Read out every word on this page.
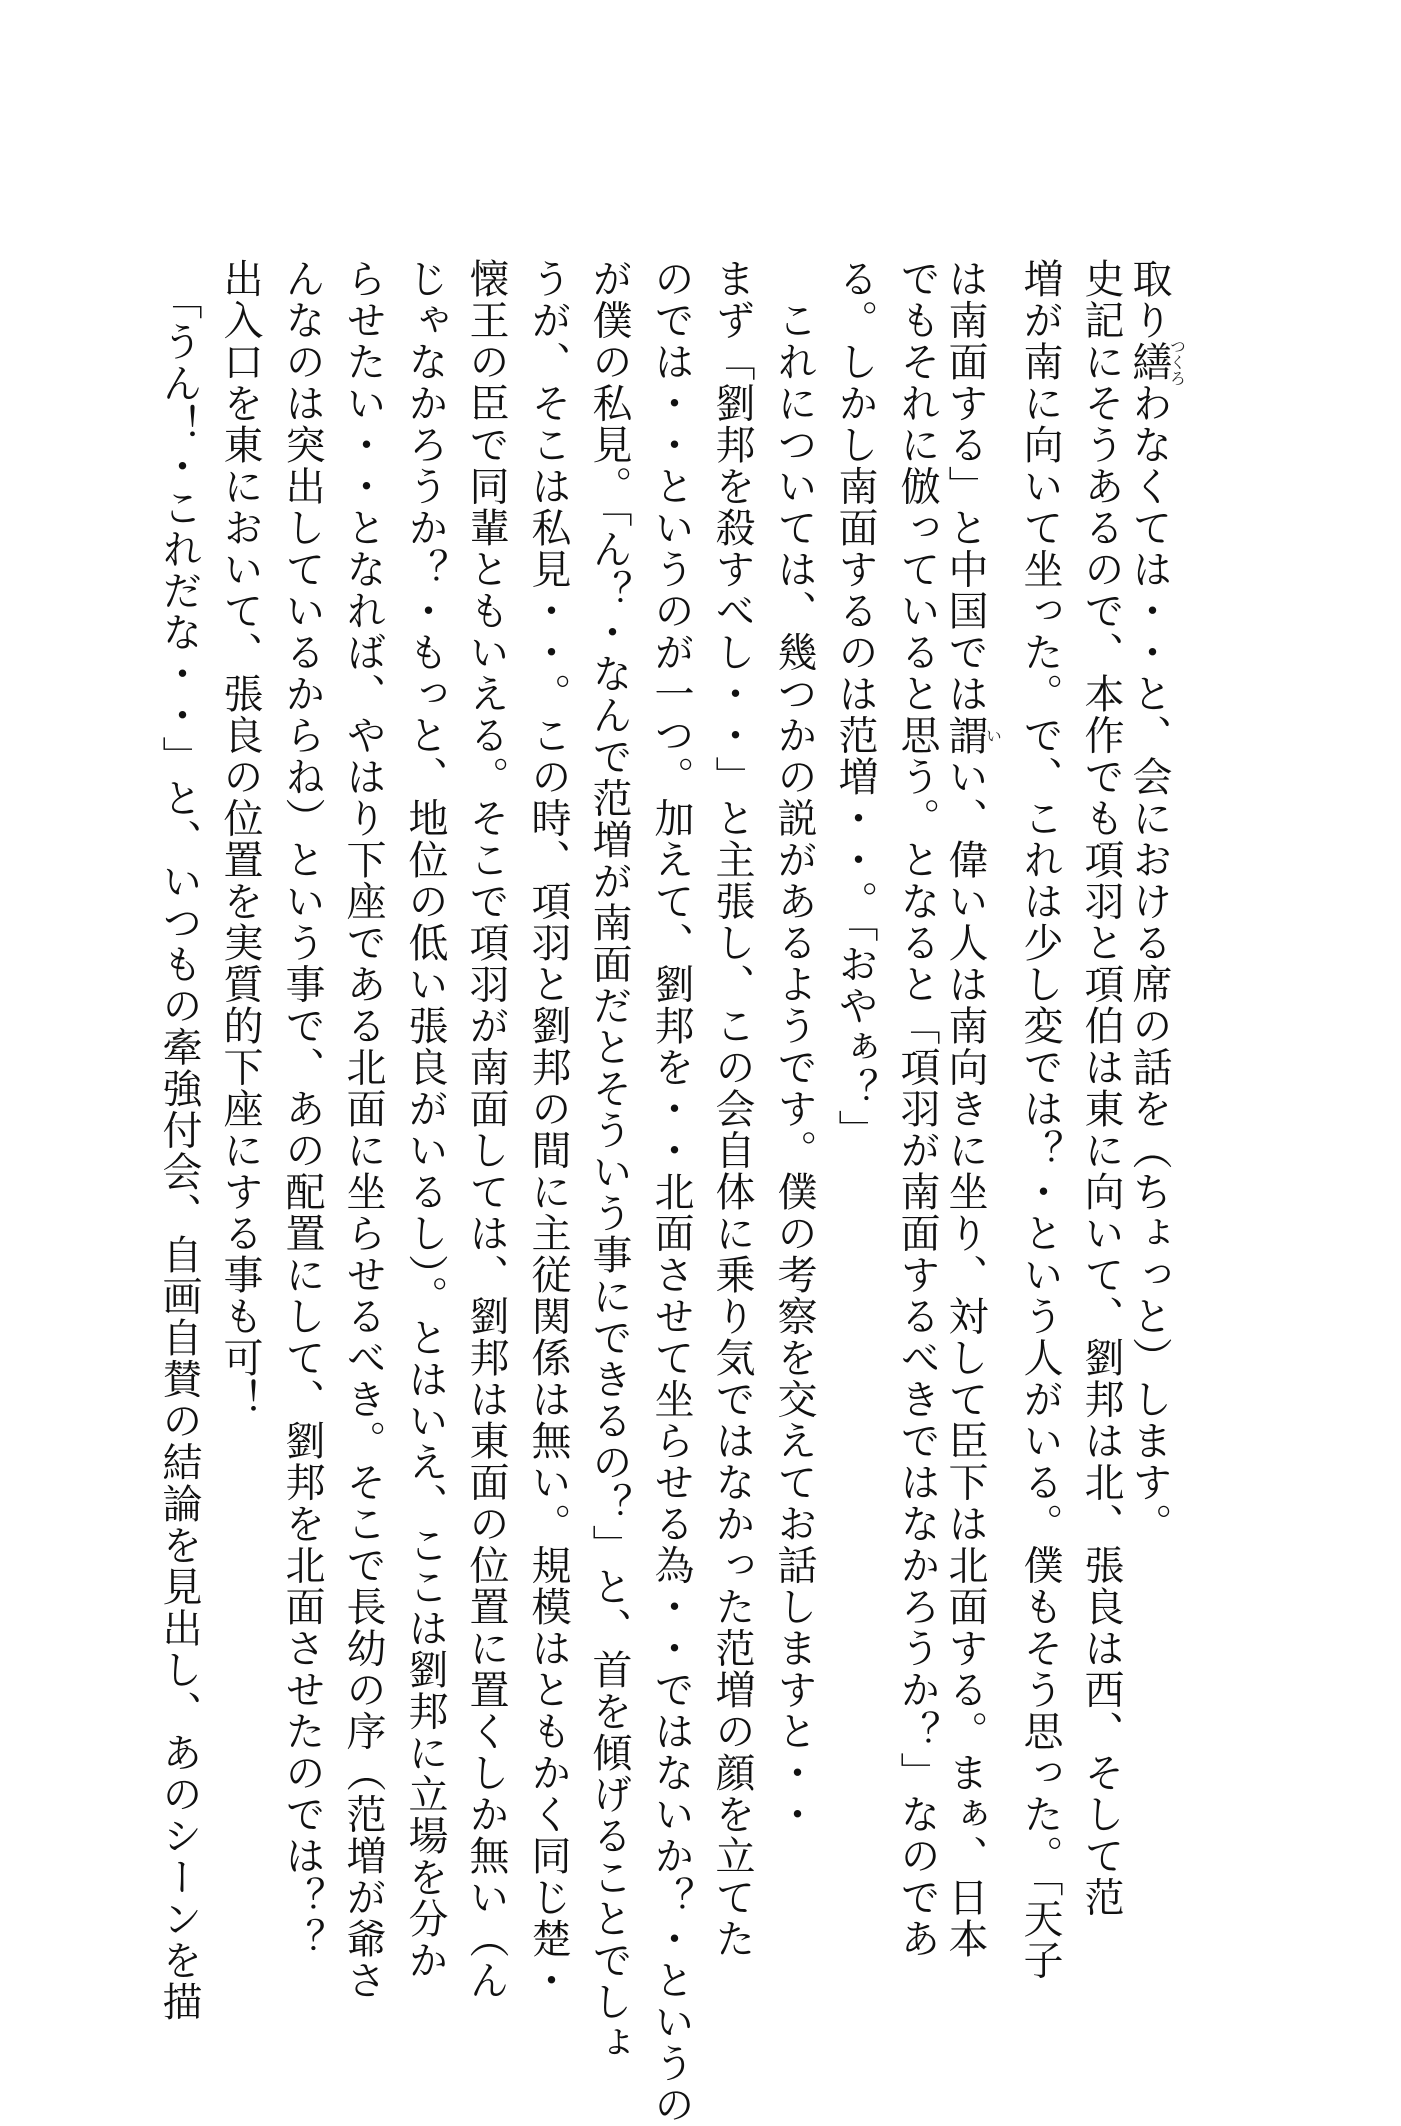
取り繕つくろわなくては・・と、会における席の話を（ちょっと）します。
史記にそうあるので、本作でも項羽と項伯は東に向いて、劉邦は北、張良は西、そして范
増が南に向いて坐った。で、これは少し変では？・という人がいる。僕もそう思った。「天子
は南面する」と中国では謂いい、偉い人は南向きに坐り、対して臣下は北面する。まぁ、日本
でもそれに倣っていると思う。となると「項羽が南面するべきではなかろうか？」なのであ
る。しかし南面するのは范増・・。「おやぁ？」
　これについては、幾つかの説があるようです。僕の考察を交えてお話しますと・・
まず「劉邦を殺すべし・・」と主張し、この会自体に乗り気ではなかった范増の顔を立てた
のでは・・というのが一つ。加えて、劉邦を・・北面させて坐らせる為・・ではないか？・というの
が僕の私見。「ん？・なんで范増が南面だとそういう事にできるの？」と、首を傾げることでしょ
うが、そこは私見・・。この時、項羽と劉邦の間に主従関係は無い。規模はともかく同じ楚・
懐王の臣で同輩ともいえる。そこで項羽が南面しては、劉邦は東面の位置に置くしか無い（ん
じゃなかろうか？・もっと、地位の低い張良がいるし）。とはいえ、ここは劉邦に立場を分か
らせたい・・となれば、やはり下座である北面に坐らせるべき。そこで長幼の序（范増が爺さ
んなのは突出しているからね）という事で、あの配置にして、劉邦を北面させたのでは？？
出入口を東において、張良の位置を実質的下座にする事も可！
　「うん！・これだな・・」と、いつもの牽強付会、自画自賛の結論を見出し、あのシーンを描
